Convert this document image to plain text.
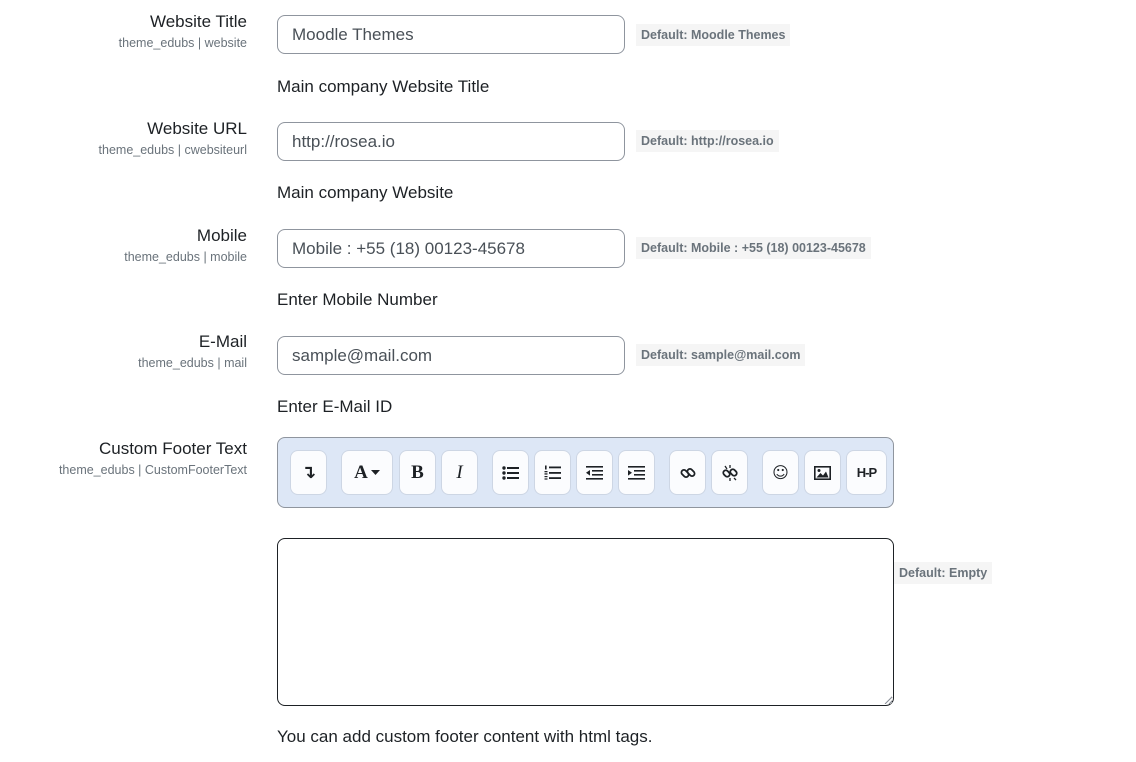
Website Title
theme_edubs | website
Moodle Themes
Default: Moodle Themes
Main company Website Title
Website URL
theme_edubs | cwebsiteurl
http://rosea.io
Default: http://rosea.io
Main company Website
Mobile
theme_edubs | mobile
Mobile : +55 (18) 00123-45678
Default: Mobile : +55 (18) 00123-45678
Enter Mobile Number
E-Mail
theme_edubs | mail
sample@mail.com
Default: sample@mail.com
Enter E-Mail ID
Custom Footer Text
theme_edubs | CustomFooterText	↴ A B I	☺	H-P
Default: Empty
You can add custom footer content with html tags.
